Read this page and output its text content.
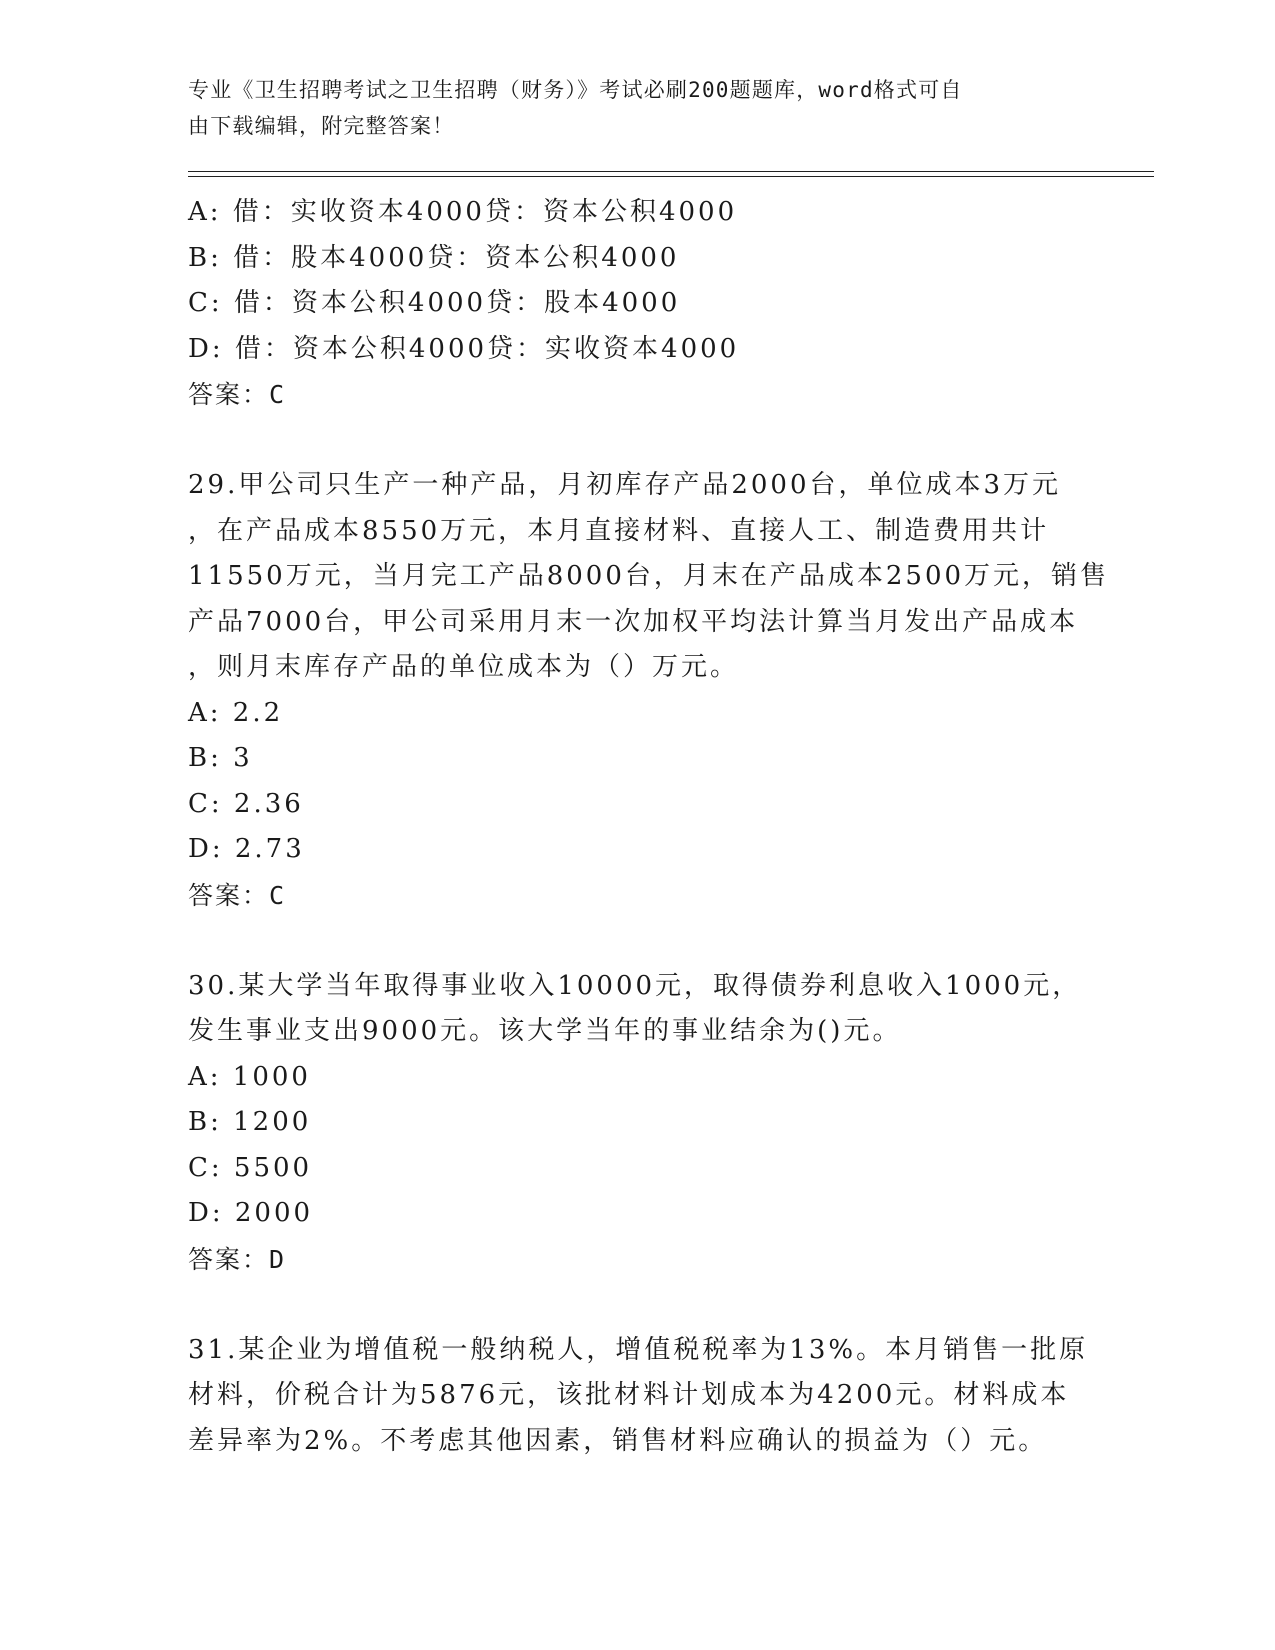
专业《卫生招聘考试之卫生招聘（财务）》考试必刷200题题库，word格式可自
由下载编辑，附完整答案！
A: 借：实收资本4000贷：资本公积4000
B: 借：股本4000贷：资本公积4000
C: 借：资本公积4000贷：股本4000
D: 借：资本公积4000贷：实收资本4000
答案：C
29.甲公司只生产一种产品，月初库存产品2000台，单位成本3万元
，在产品成本8550万元，本月直接材料、直接人工、制造费用共计
11550万元，当月完工产品8000台，月末在产品成本2500万元，销售
产品7000台，甲公司采用月末一次加权平均法计算当月发出产品成本
，则月末库存产品的单位成本为（）万元。
A: 2.2
B: 3
C: 2.36
D: 2.73
答案：C
30.某大学当年取得事业收入10000元，取得债券利息收入1000元，
发生事业支出9000元。该大学当年的事业结余为()元。
A: 1000
B: 1200
C: 5500
D: 2000
答案：D
31.某企业为增值税一般纳税人，增值税税率为13%。本月销售一批原
材料，价税合计为5876元，该批材料计划成本为4200元。材料成本
差异率为2%。不考虑其他因素，销售材料应确认的损益为（）元。
